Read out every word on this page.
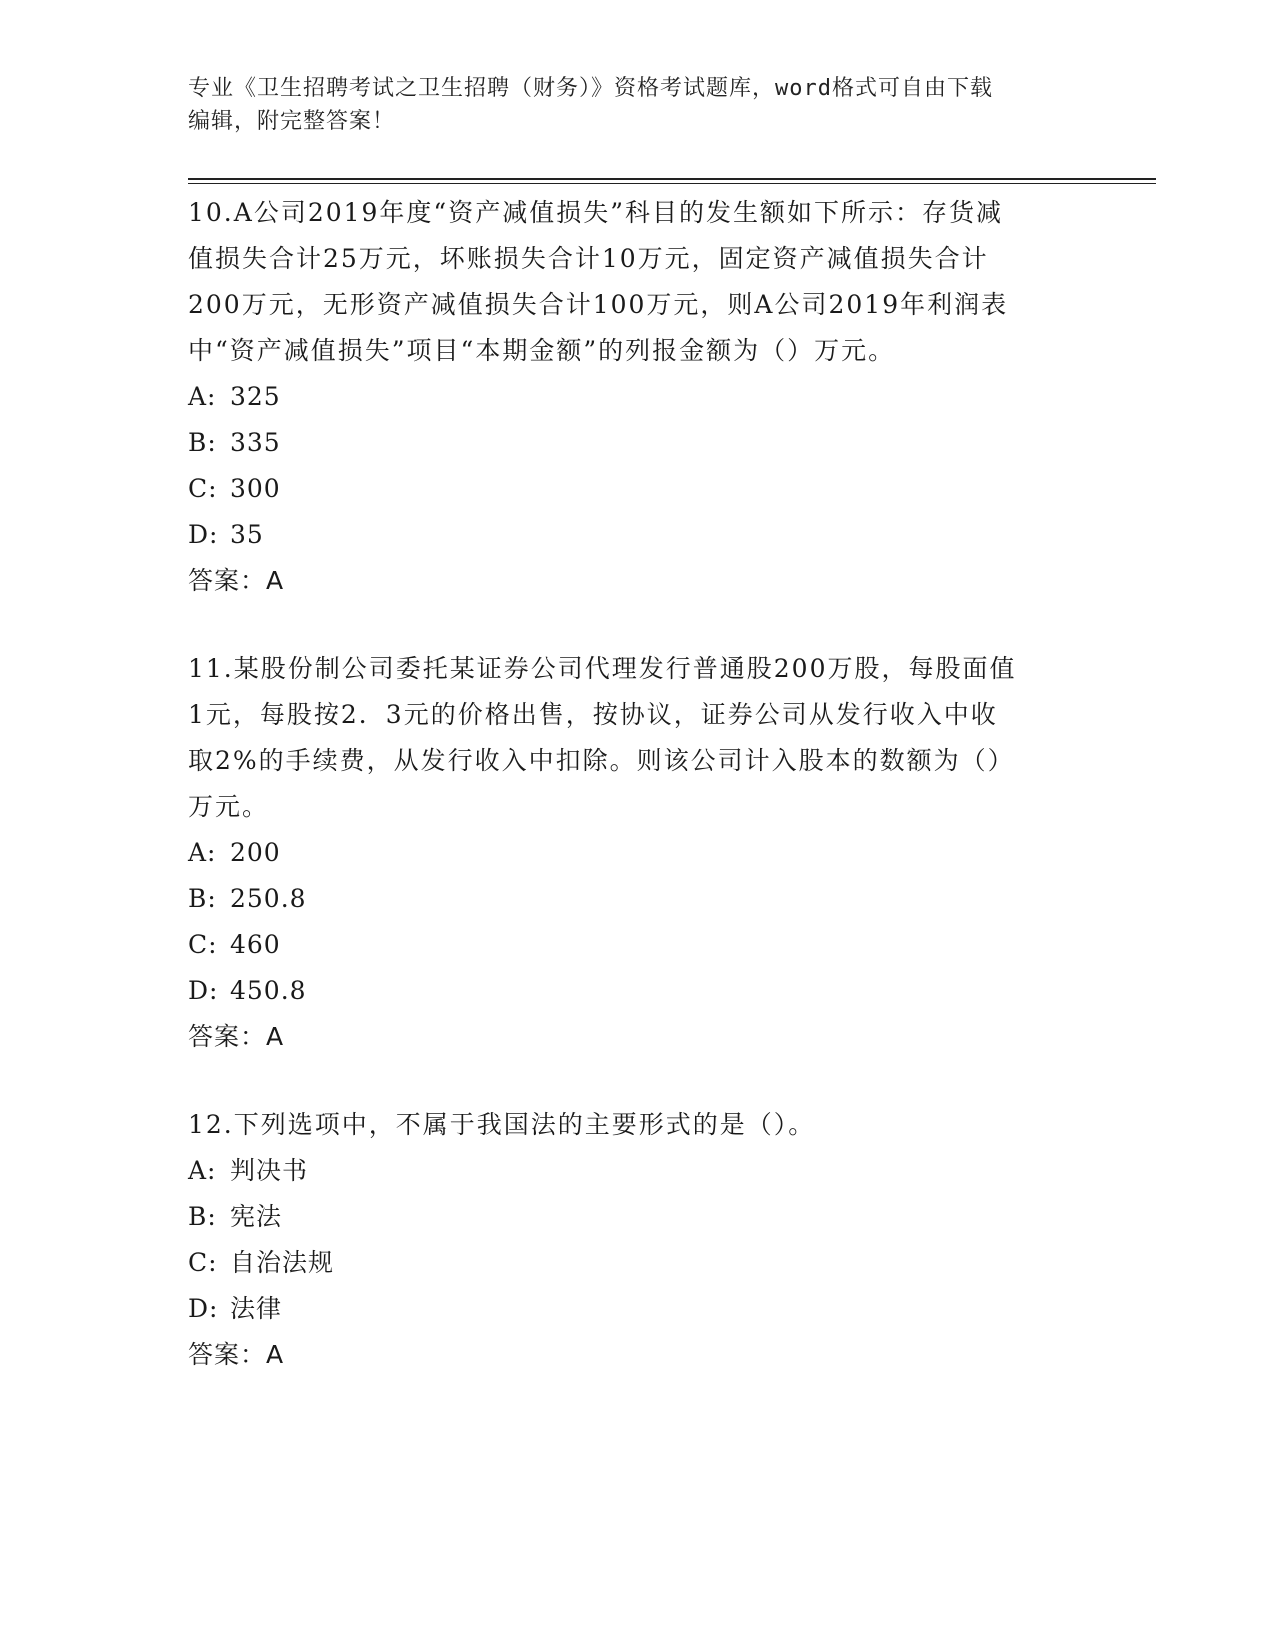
专业《卫生招聘考试之卫生招聘（财务）》资格考试题库，word格式可自由下载
编辑，附完整答案！

10.A公司2019年度“资产减值损失”科目的发生额如下所示：存货减

值损失合计25万元，坏账损失合计10万元，固定资产减值损失合计

200万元，无形资产减值损失合计100万元，则A公司2019年利润表

中“资产减值损失”项目“本期金额”的列报金额为（）万元。

A: 325

B: 335

C: 300

D: 35

答案：A

11.某股份制公司委托某证券公司代理发行普通股200万股，每股面值

1元，每股按2．3元的价格出售，按协议，证券公司从发行收入中收

取2%的手续费，从发行收入中扣除。则该公司计入股本的数额为（）

万元。

A: 200

B: 250.8

C: 460

D: 450.8

答案：A

12.下列选项中，不属于我国法的主要形式的是（）。

A: 判决书

B: 宪法

C: 自治法规

D: 法律

答案：A
